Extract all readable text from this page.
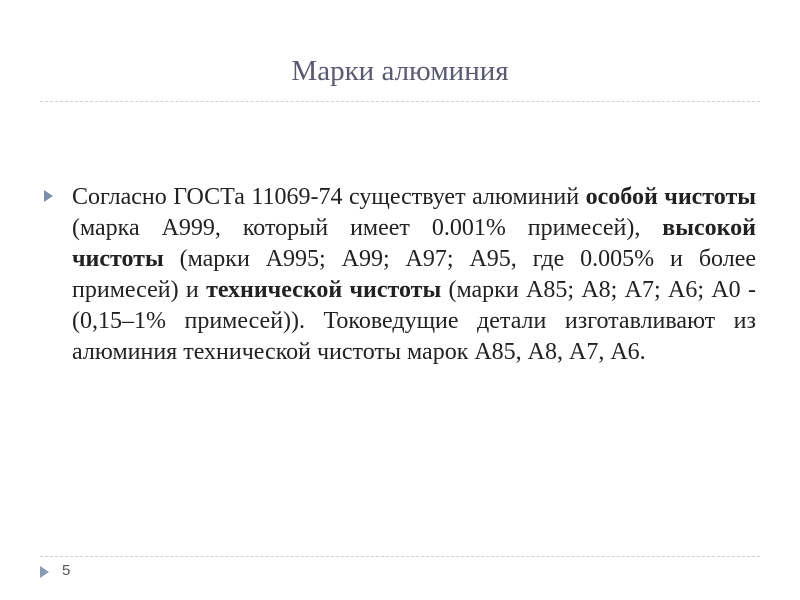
Марки алюминия
Согласно ГОСТа 11069-74 существует алюминий особой чистоты (марка А999, который имеет 0.001% примесей), высокой чистоты (марки А995; А99; А97; А95, где 0.005% и более примесей) и технической чистоты (марки А85; А8; А7; А6; А0 - (0,15–1% примесей)). Токоведущие детали изготавливают из алюминия технической чистоты марок А85, А8, А7, А6.
5
